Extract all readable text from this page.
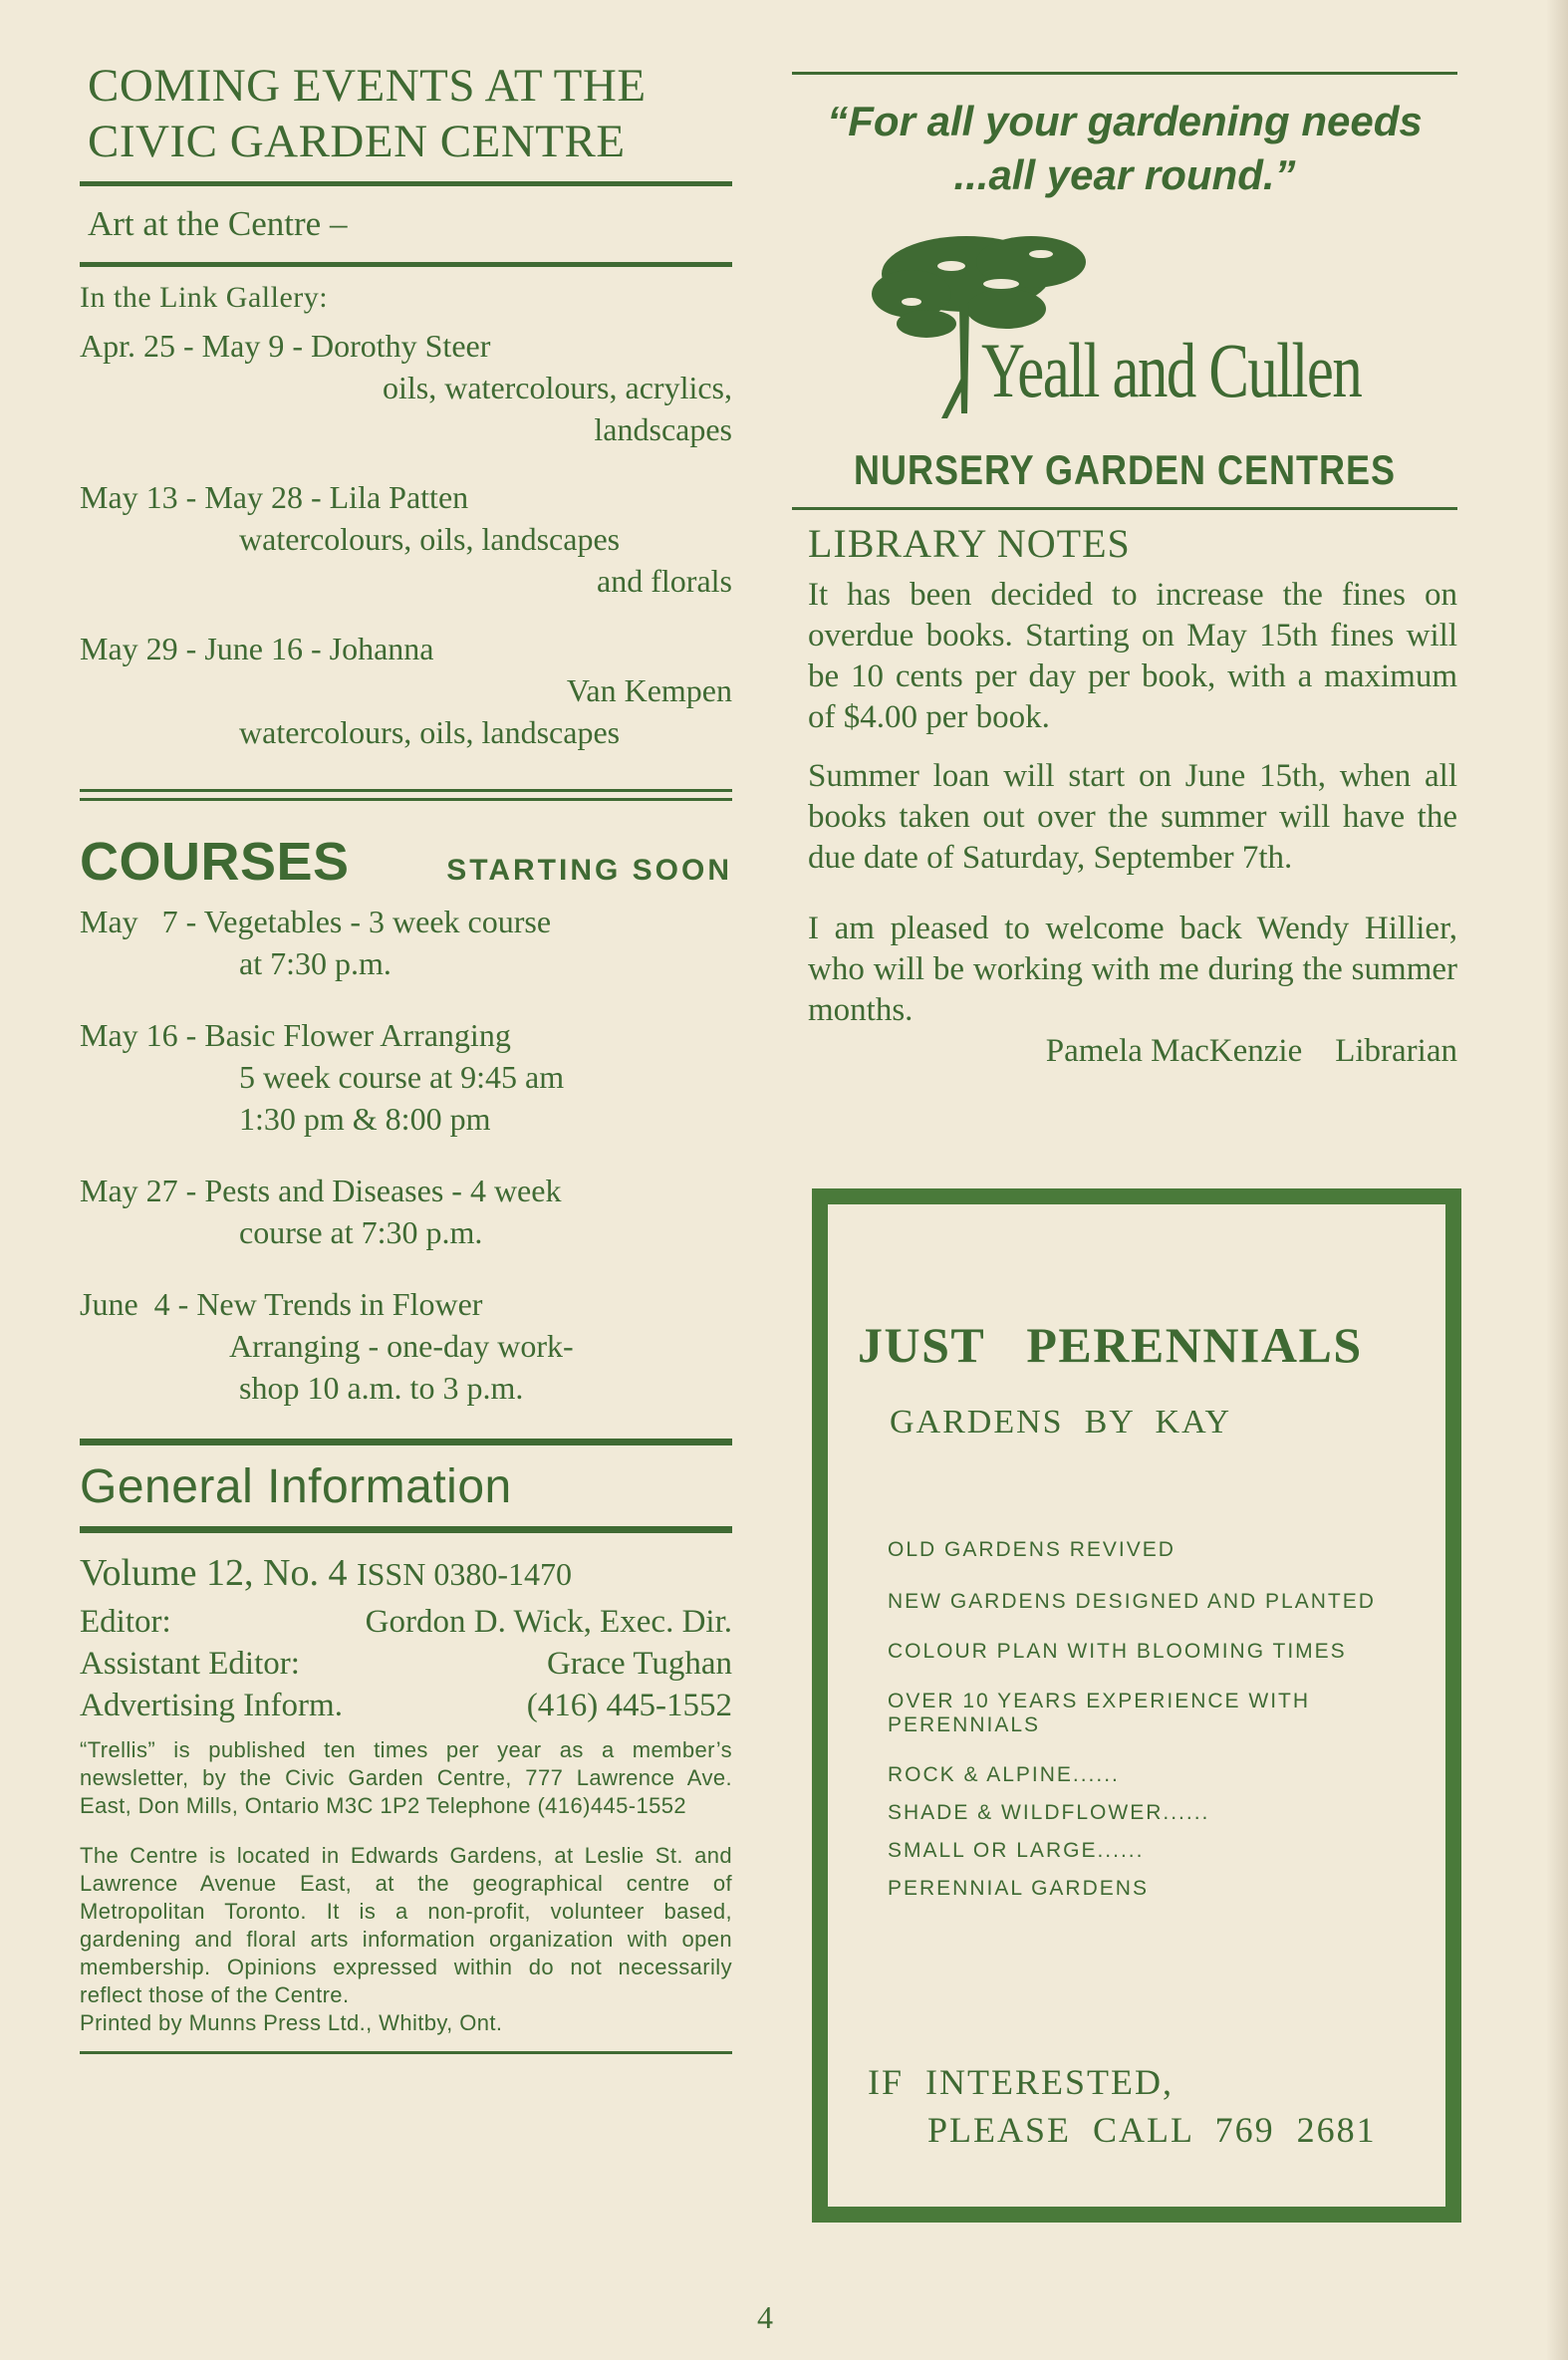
COMING EVENTS AT THE
CIVIC GARDEN CENTRE
Art at the Centre –
In the Link Gallery:
Apr. 25 - May 9 - Dorothy Steer
oils, watercolours, acrylics,
landscapes
May 13 - May 28 - Lila Patten
watercolours, oils, landscapes
and florals
May 29 - June 16 - Johanna
Van Kempen
watercolours, oils, landscapes
COURSES	STARTING SOON
May   7 - Vegetables - 3 week course
at 7:30 p.m.
May 16 - Basic Flower Arranging
5 week course at 9:45 am
1:30 pm & 8:00 pm
May 27 - Pests and Diseases - 4 week
course at 7:30 p.m.
June  4 - New Trends in Flower
Arranging - one-day work-
shop 10 a.m. to 3 p.m.
General Information
Volume 12, No. 4 ISSN 0380-1470
Editor:	Gordon D. Wick, Exec. Dir.
Assistant Editor:	Grace Tughan
Advertising Inform.	(416) 445-1552
“Trellis” is published ten times per year as a member’s newsletter, by the Civic Garden Centre, 777 Lawrence Ave. East, Don Mills, Ontario M3C 1P2 Telephone (416)445-1552
The Centre is located in Edwards Gardens, at Leslie St. and Lawrence Avenue East, at the geographical centre of Metropolitan Toronto. It is a non-profit, volunteer based, gardening and floral arts information organization with open membership. Opinions expressed within do not necessarily reflect those of the Centre.
Printed by Munns Press Ltd., Whitby, Ont.
“For all your gardening needs
...all year round.”
Yeall and Cullen
NURSERY GARDEN CENTRES
LIBRARY NOTES
It has been decided to increase the fines on overdue books. Starting on May 15th fines will be 10 cents per day per book, with a maximum of $4.00 per book.
Summer loan will start on June 15th, when all books taken out over the summer will have the due date of Saturday, September 7th.
I am pleased to welcome back Wendy Hillier, who will be working with me during the summer months.
Pamela MacKenzie    Librarian
JUST   PERENNIALS
GARDENS  BY  KAY
OLD GARDENS REVIVED
NEW GARDENS DESIGNED AND PLANTED
COLOUR PLAN WITH BLOOMING TIMES
OVER 10 YEARS EXPERIENCE WITH PERENNIALS
ROCK & ALPINE......
SHADE & WILDFLOWER......
SMALL OR LARGE......
PERENNIAL GARDENS
IF  INTERESTED,
PLEASE  CALL  769  2681
4
